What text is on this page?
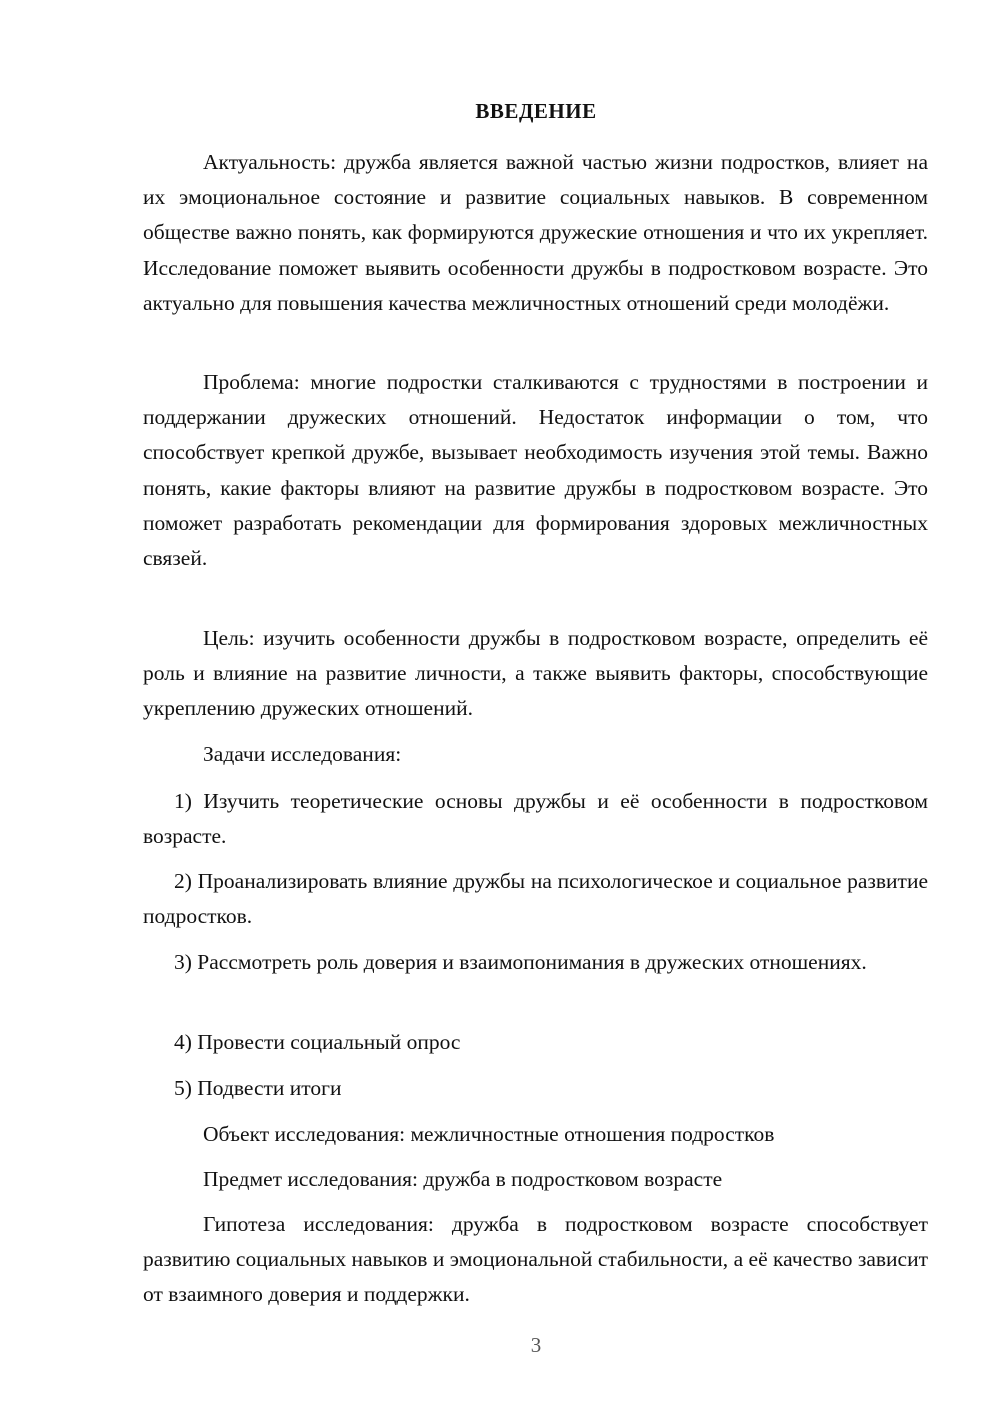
ВВЕДЕНИЕ

Актуальность: дружба является важной частью жизни подростков, влияет на их эмоциональное состояние и развитие социальных навыков. В современном обществе важно понять, как формируются дружеские отношения и что их укрепляет. Исследование поможет выявить особенности дружбы в подростковом возрасте. Это актуально для повышения качества межличностных отношений среди молодёжи.

Проблема: многие подростки сталкиваются с трудностями в построении и поддержании дружеских отношений. Недостаток информации о том, что способствует крепкой дружбе, вызывает необходимость изучения этой темы. Важно понять, какие факторы влияют на развитие дружбы в подростковом возрасте. Это поможет разработать рекомендации для формирования здоровых межличностных связей.

Цель: изучить особенности дружбы в подростковом возрасте, определить её роль и влияние на развитие личности, а также выявить факторы, способствующие укреплению дружеских отношений.

Задачи исследования:

1) Изучить теоретические основы дружбы и её особенности в подростковом возрасте.

2) Проанализировать влияние дружбы на психологическое и социальное развитие подростков.

3) Рассмотреть роль доверия и взаимопонимания в дружеских отношениях.

4) Провести социальный опрос

5) Подвести итоги

Объект исследования: межличностные отношения подростков

Предмет исследования: дружба в подростковом возрасте

Гипотеза исследования: дружба в подростковом возрасте способствует развитию социальных навыков и эмоциональной стабильности, а её качество зависит от взаимного доверия и поддержки.

3
